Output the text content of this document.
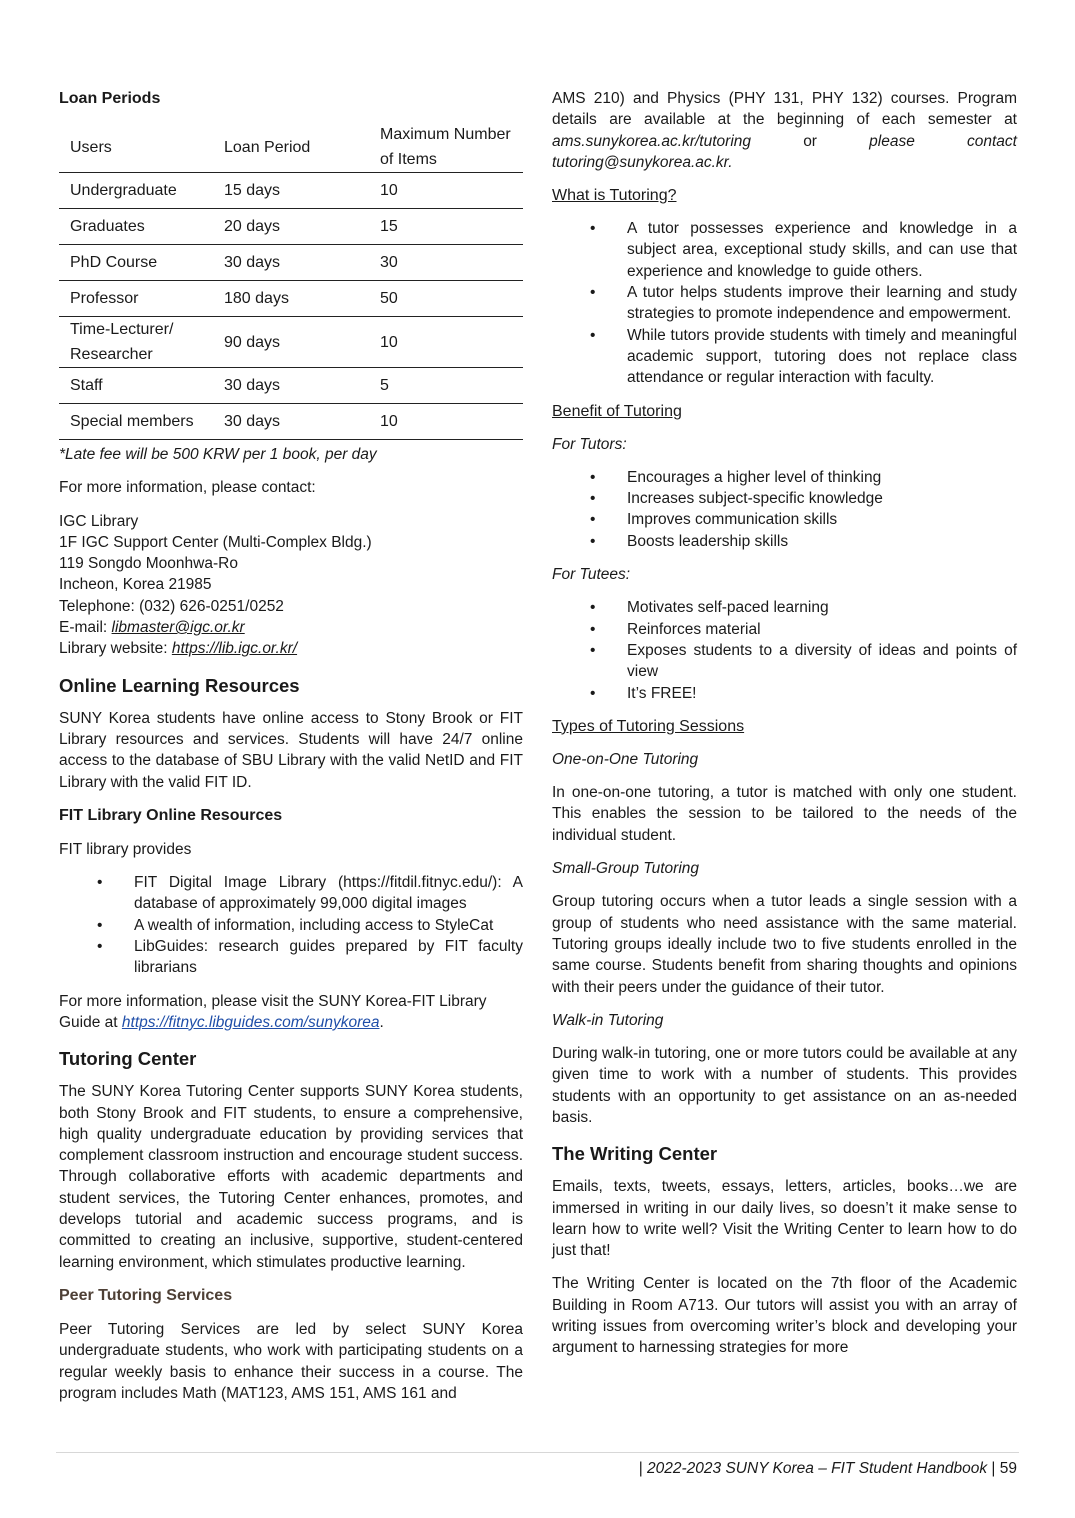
Loan Periods
Users	Loan Period	Maximum Number of Items
Undergraduate	15 days	10
Graduates	20 days	15
PhD Course	30 days	30
Professor	180 days	50
Time-Lecturer/ Researcher	90 days	10
Staff	30 days	5
Special members	30 days	10
*Late fee will be 500 KRW per 1 book, per day
For more information, please contact:
IGC Library
1F IGC Support Center (Multi-Complex Bldg.)
119 Songdo Moonhwa-Ro
Incheon, Korea 21985
Telephone: (032) 626-0251/0252
E-mail: libmaster@igc.or.kr
Library website: https://lib.igc.or.kr/
Online Learning Resources
SUNY Korea students have online access to Stony Brook or FIT Library resources and services. Students will have 24/7 online access to the database of SBU Library with the valid NetID and FIT Library with the valid FIT ID.
FIT Library Online Resources
FIT library provides
• FIT Digital Image Library (https://fitdil.fitnyc.edu/): A database of approximately 99,000 digital images
• A wealth of information, including access to StyleCat
• LibGuides: research guides prepared by FIT faculty librarians
For more information, please visit the SUNY Korea-FIT Library Guide at https://fitnyc.libguides.com/sunykorea.
Tutoring Center
The SUNY Korea Tutoring Center supports SUNY Korea students, both Stony Brook and FIT students, to ensure a comprehensive, high quality undergraduate education by providing services that complement classroom instruction and encourage student success. Through collaborative efforts with academic departments and student services, the Tutoring Center enhances, promotes, and develops tutorial and academic success programs, and is committed to creating an inclusive, supportive, student-centered learning environment, which stimulates productive learning.
Peer Tutoring Services
Peer Tutoring Services are led by select SUNY Korea undergraduate students, who work with participating students on a regular weekly basis to enhance their success in a course. The program includes Math (MAT123, AMS 151, AMS 161 and
AMS 210) and Physics (PHY 131, PHY 132) courses. Program details are available at the beginning of each semester at ams.sunykorea.ac.kr/tutoring or please contact tutoring@sunykorea.ac.kr.
What is Tutoring?
• A tutor possesses experience and knowledge in a subject area, exceptional study skills, and can use that experience and knowledge to guide others.
• A tutor helps students improve their learning and study strategies to promote independence and empowerment.
• While tutors provide students with timely and meaningful academic support, tutoring does not replace class attendance or regular interaction with faculty.
Benefit of Tutoring
For Tutors:
• Encourages a higher level of thinking
• Increases subject-specific knowledge
• Improves communication skills
• Boosts leadership skills
For Tutees:
• Motivates self-paced learning
• Reinforces material
• Exposes students to a diversity of ideas and points of view
• It’s FREE!
Types of Tutoring Sessions
One-on-One Tutoring
In one-on-one tutoring, a tutor is matched with only one student. This enables the session to be tailored to the needs of the individual student.
Small-Group Tutoring
Group tutoring occurs when a tutor leads a single session with a group of students who need assistance with the same material. Tutoring groups ideally include two to five students enrolled in the same course. Students benefit from sharing thoughts and opinions with their peers under the guidance of their tutor.
Walk-in Tutoring
During walk-in tutoring, one or more tutors could be available at any given time to work with a number of students. This provides students with an opportunity to get assistance on an as-needed basis.
The Writing Center
Emails, texts, tweets, essays, letters, articles, books…we are immersed in writing in our daily lives, so doesn’t it make sense to learn how to write well? Visit the Writing Center to learn how to do just that!
The Writing Center is located on the 7th floor of the Academic Building in Room A713. Our tutors will assist you with an array of writing issues from overcoming writer’s block and developing your argument to harnessing strategies for more
| 2022-2023 SUNY Korea – FIT Student Handbook | 59
